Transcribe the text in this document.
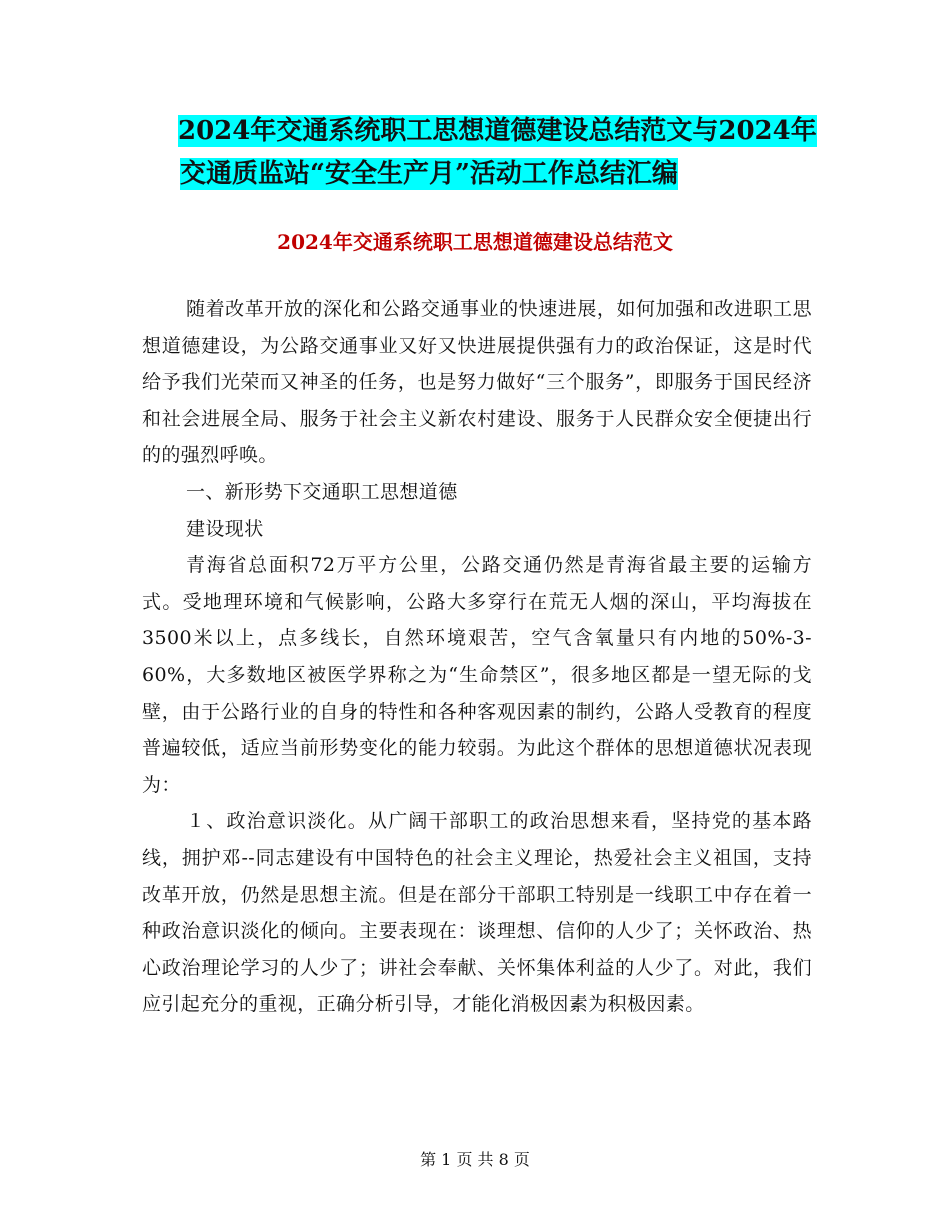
2024年交通系统职工思想道德建设总结范文与2024年
交通质监站“安全生产月”活动工作总结汇编
2024年交通系统职工思想道德建设总结范文

随着改革开放的深化和公路交通事业的快速进展，如何加强和改进职工思想道德建设，为公路交通事业又好又快进展提供强有力的政治保证，这是时代给予我们光荣而又神圣的任务，也是努力做好“三个服务”，即服务于国民经济和社会进展全局、服务于社会主义新农村建设、服务于人民群众安全便捷出行的的强烈呼唤。

一、新形势下交通职工思想道德

建设现状

青海省总面积72万平方公里，公路交通仍然是青海省最主要的运输方式。受地理环境和气候影响，公路大多穿行在荒无人烟的深山，平均海拔在3500米以上，点多线长，自然环境艰苦，空气含氧量只有内地的50%-3-60%，大多数地区被医学界称之为“生命禁区”，很多地区都是一望无际的戈壁，由于公路行业的自身的特性和各种客观因素的制约，公路人受教育的程度普遍较低，适应当前形势变化的能力较弱。为此这个群体的思想道德状况表现为：

１、政治意识淡化。从广阔干部职工的政治思想来看，坚持党的基本路线，拥护邓--同志建设有中国特色的社会主义理论，热爱社会主义祖国，支持改革开放，仍然是思想主流。但是在部分干部职工特别是一线职工中存在着一种政治意识淡化的倾向。主要表现在：谈理想、信仰的人少了；关怀政治、热心政治理论学习的人少了；讲社会奉献、关怀集体利益的人少了。对此，我们应引起充分的重视，正确分析引导，才能化消极因素为积极因素。

第 1 页 共 8 页
